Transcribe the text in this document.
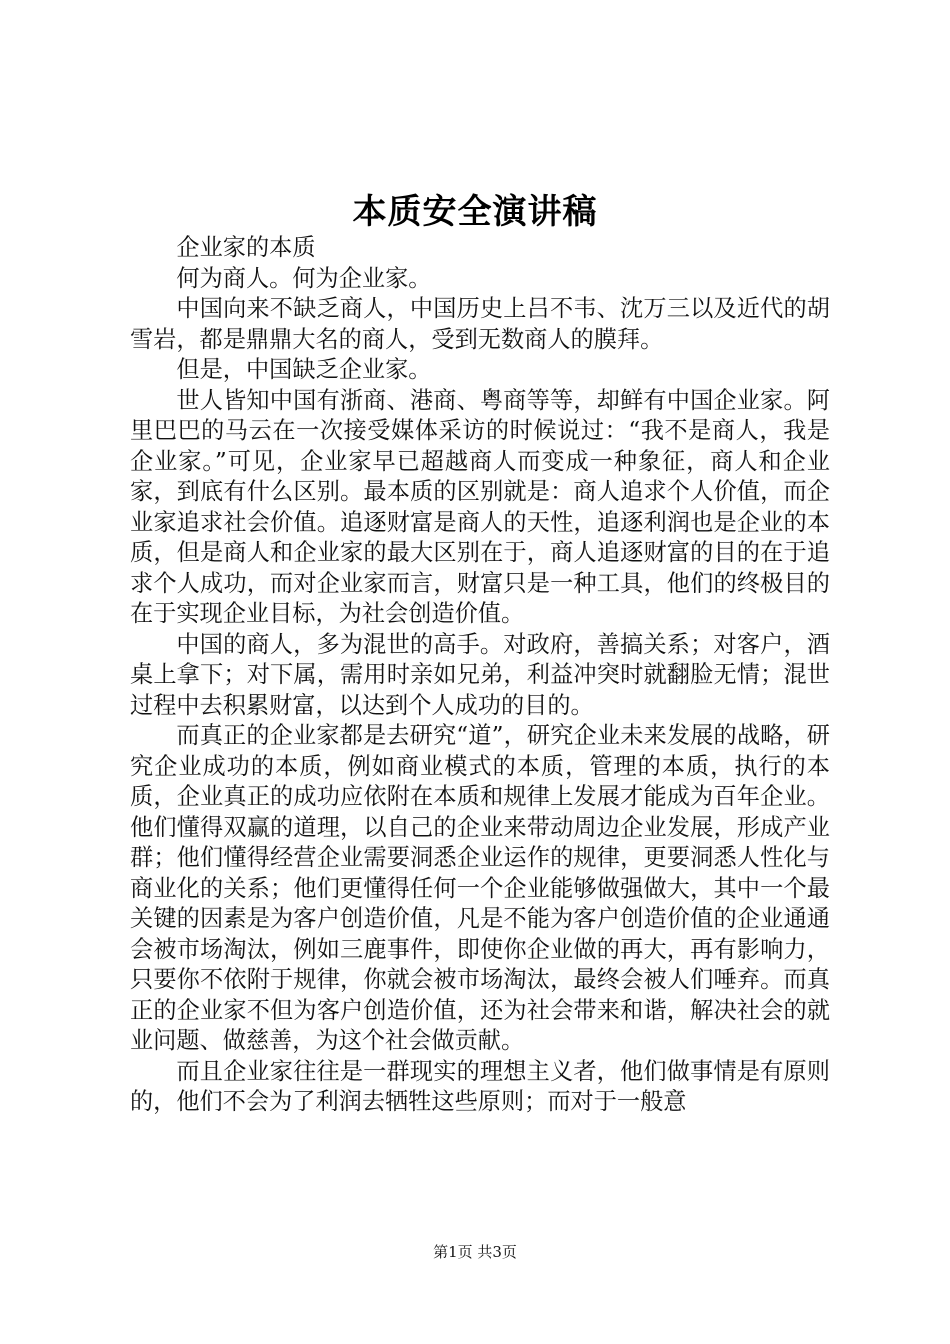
本质安全演讲稿

企业家的本质

何为商人。何为企业家。

中国向来不缺乏商人，中国历史上吕不韦、沈万三以及近代的胡雪岩，都是鼎鼎大名的商人，受到无数商人的膜拜。

但是，中国缺乏企业家。

世人皆知中国有浙商、港商、粤商等等，却鲜有中国企业家。阿里巴巴的马云在一次接受媒体采访的时候说过：“我不是商人，我是企业家。”可见，企业家早已超越商人而变成一种象征，商人和企业家，到底有什么区别。最本质的区别就是：商人追求个人价值，而企业家追求社会价值。追逐财富是商人的天性，追逐利润也是企业的本质，但是商人和企业家的最大区别在于，商人追逐财富的目的在于追求个人成功，而对企业家而言，财富只是一种工具，他们的终极目的在于实现企业目标，为社会创造价值。

中国的商人，多为混世的高手。对政府，善搞关系；对客户，酒桌上拿下；对下属，需用时亲如兄弟，利益冲突时就翻脸无情；混世过程中去积累财富，以达到个人成功的目的。

而真正的企业家都是去研究“道”，研究企业未来发展的战略，研究企业成功的本质，例如商业模式的本质，管理的本质，执行的本质，企业真正的成功应依附在本质和规律上发展才能成为百年企业。他们懂得双赢的道理，以自己的企业来带动周边企业发展，形成产业群；他们懂得经营企业需要洞悉企业运作的规律，更要洞悉人性化与商业化的关系；他们更懂得任何一个企业能够做强做大，其中一个最关键的因素是为客户创造价值，凡是不能为客户创造价值的企业通通会被市场淘汰，例如三鹿事件，即使你企业做的再大，再有影响力，只要你不依附于规律，你就会被市场淘汰，最终会被人们唾弃。而真正的企业家不但为客户创造价值，还为社会带来和谐，解决社会的就业问题、做慈善，为这个社会做贡献。

而且企业家往往是一群现实的理想主义者，他们做事情是有原则的，他们不会为了利润去牺牲这些原则；而对于一般意

第1页 共3页
